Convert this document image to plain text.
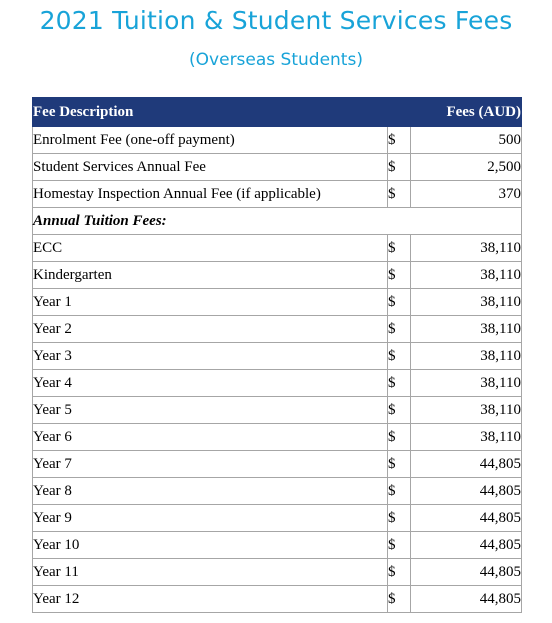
2021 Tuition & Student Services Fees
(Overseas Students)
Fee Description	Fees (AUD)	
Enrolment Fee (one-off payment)	$	500
Student Services Annual Fee	$	2,500
Homestay Inspection Annual Fee (if applicable)	$	370
Annual Tuition Fees:		
ECC	$	38,110
Kindergarten	$	38,110
Year 1	$	38,110
Year 2	$	38,110
Year 3	$	38,110
Year 4	$	38,110
Year 5	$	38,110
Year 6	$	38,110
Year 7	$	44,805
Year 8	$	44,805
Year 9	$	44,805
Year 10	$	44,805
Year 11	$	44,805
Year 12	$	44,805
